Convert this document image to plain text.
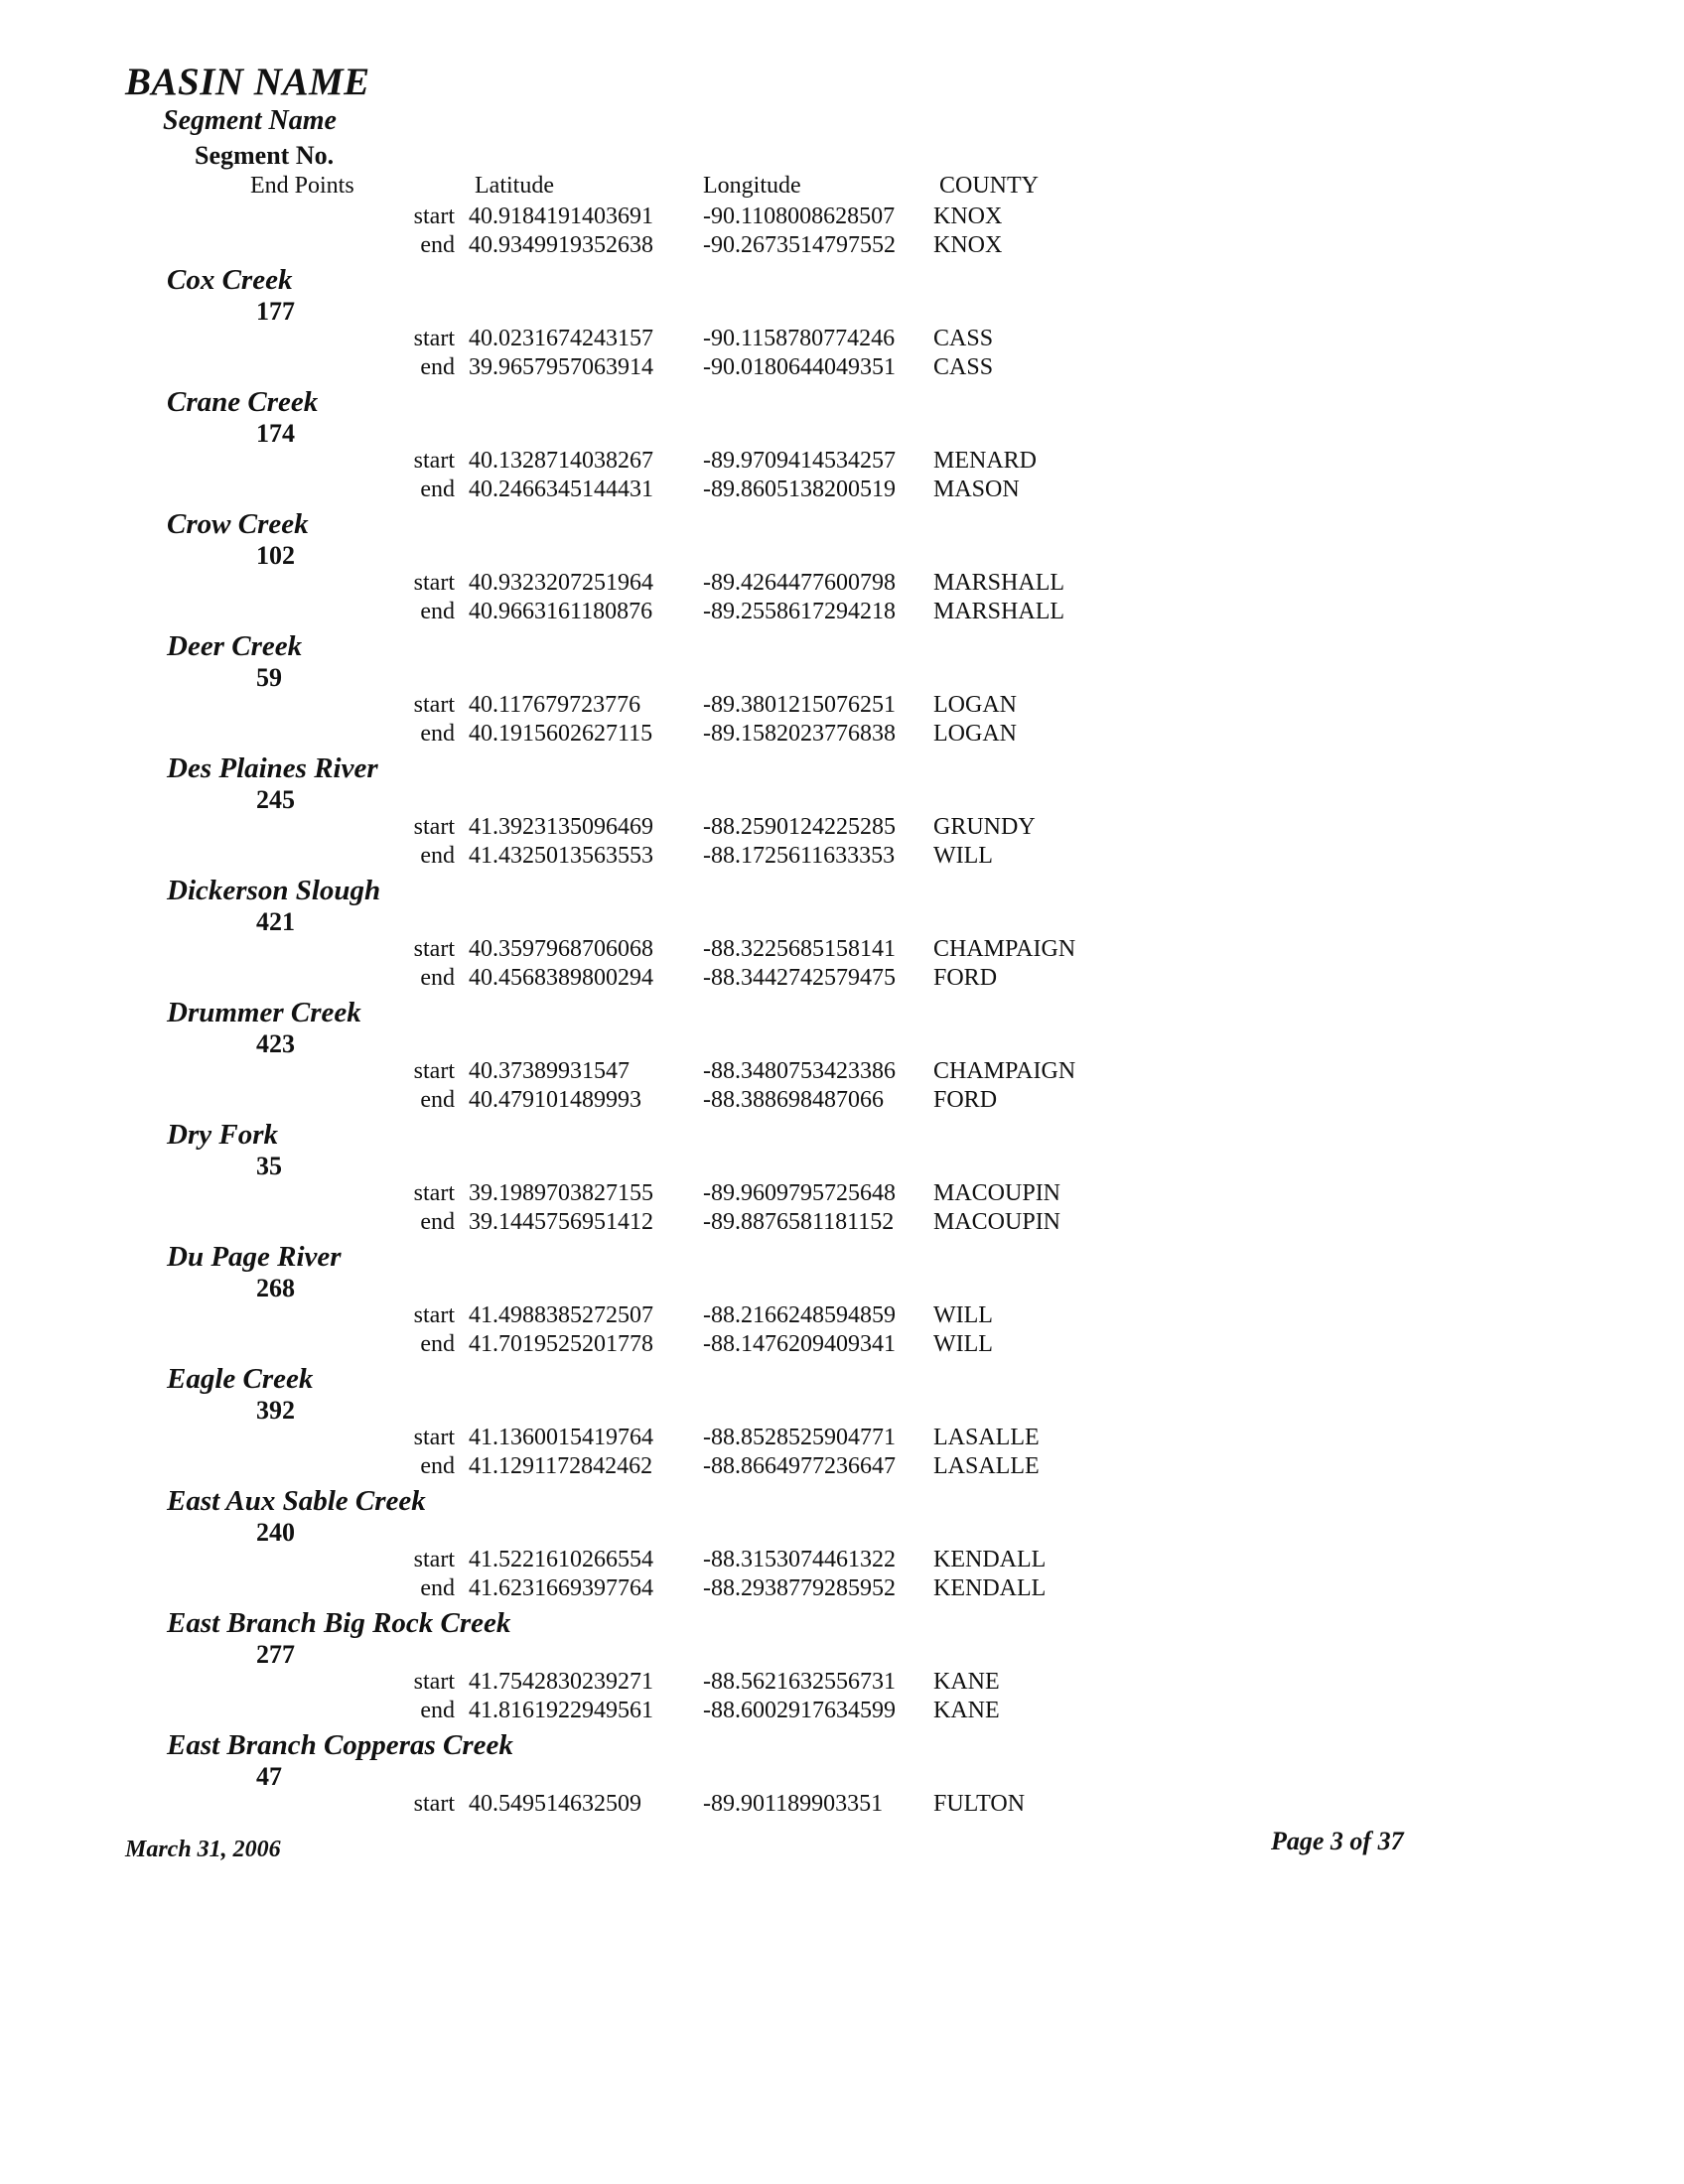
BASIN NAME
Segment Name
Segment No.
End Points	Latitude	Longitude	COUNTY
start 40.9184191403691 -90.1108008628507 KNOX
end 40.9349919352638 -90.2673514797552 KNOX
Cox Creek
177
start 40.0231674243157 -90.1158780774246 CASS
end 39.9657957063914 -90.0180644049351 CASS
Crane Creek
174
start 40.1328714038267 -89.9709414534257 MENARD
end 40.2466345144431 -89.8605138200519 MASON
Crow Creek
102
start 40.9323207251964 -89.4264477600798 MARSHALL
end 40.9663161180876 -89.2558617294218 MARSHALL
Deer Creek
59
start 40.117679723776	-89.3801215076251 LOGAN
end 40.1915602627115 -89.1582023776838 LOGAN
Des Plaines River
245
start 41.3923135096469 -88.2590124225285 GRUNDY
end 41.4325013563553 -88.1725611633353 WILL
Dickerson Slough
421
start 40.3597968706068 -88.3225685158141 CHAMPAIGN
end 40.4568389800294 -88.3442742579475 FORD
Drummer Creek
423
start 40.37389931547	-88.3480753423386 CHAMPAIGN
end 40.479101489993	-88.388698487066 FORD
Dry Fork
35
start 39.1989703827155 -89.9609795725648 MACOUPIN
end 39.1445756951412 -89.8876581181152 MACOUPIN
Du Page River
268
start 41.4988385272507 -88.2166248594859 WILL
end 41.7019525201778 -88.1476209409341 WILL
Eagle Creek
392
start 41.1360015419764 -88.8528525904771 LASALLE
end 41.1291172842462 -88.8664977236647 LASALLE
East Aux Sable Creek
240
start 41.5221610266554 -88.3153074461322 KENDALL
end 41.6231669397764 -88.2938779285952 KENDALL
East Branch Big Rock Creek
277
start 41.7542830239271 -88.5621632556731 KANE
end 41.8161922949561 -88.6002917634599 KANE
East Branch Copperas Creek
47
start 40.549514632509	-89.901189903351 FULTON
March 31, 2006	Page 3 of 37
